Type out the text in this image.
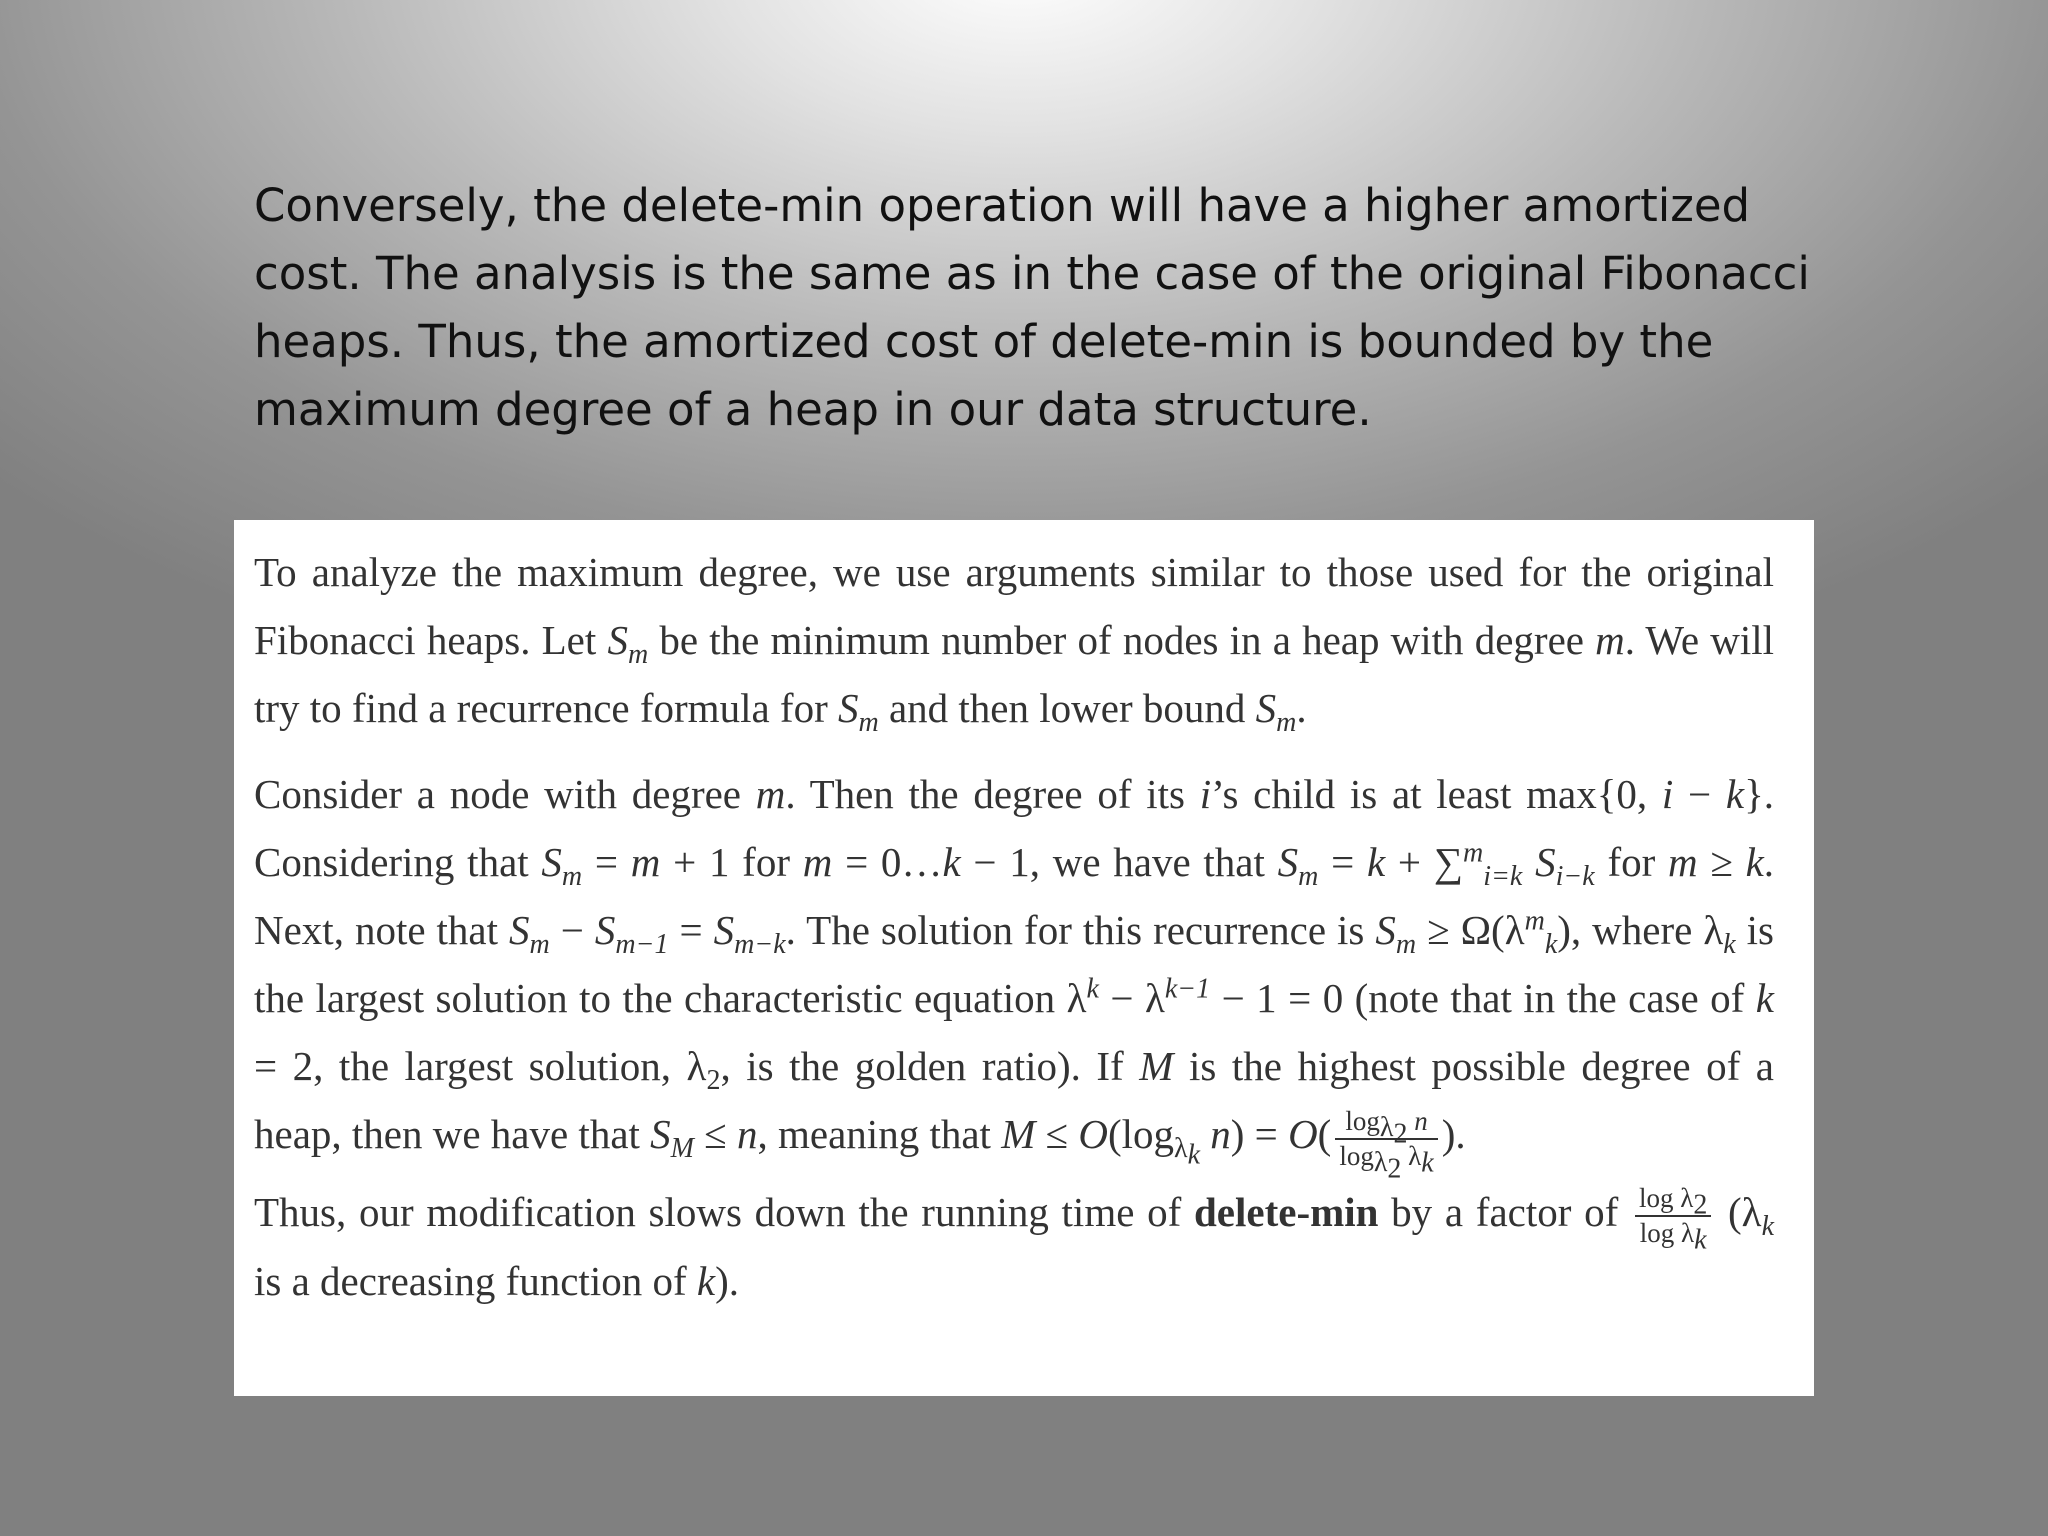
Conversely, the delete-min operation will have a higher amortized cost. The analysis is the same as in the case of the original Fibonacci heaps. Thus, the amortized cost of delete-min is bounded by the maximum degree of a heap in our data structure.

To analyze the maximum degree, we use arguments similar to those used for the original Fibonacci heaps. Let $S_m$ be the minimum number of nodes in a heap with degree m. We will try to find a recurrence formula for $S_m$ and then lower bound $S_m$.

Consider a node with degree m. Then the degree of its i’s child is at least max{0, i − k}. Considering that $S_m = m + 1$ for m = 0…k − 1, we have that $S_m = k + \sum^m_{i=k}$ $S_{i-k}$ for m ≥ k. Next, note that $S_m - S_{m-1} = S_{m-k}$. The solution for this recurrence is $S_m \ge \Omega(\lambda^m_k)$, where $\lambda_k$ is the largest solution to the characteristic equation $\lambda^k - \lambda^{k-1} - 1 = 0$ (note that in the case of k = 2, the largest solution, $\lambda_2$, is the golden ratio). If M is the highest possible degree of a heap, then we have that $S_M \le n$, meaning that $M \le O(\log_{\lambda_k}$ $n) = O( \frac{\log_{\lambda_2} n}{\log_{\lambda_2} \lambda_k}$ ).

Thus, our modification slows down the running time of delete-min by a factor of $\frac{\log \lambda_2}{\log \lambda_k} (\lambda_k$ is a decreasing function of k).
